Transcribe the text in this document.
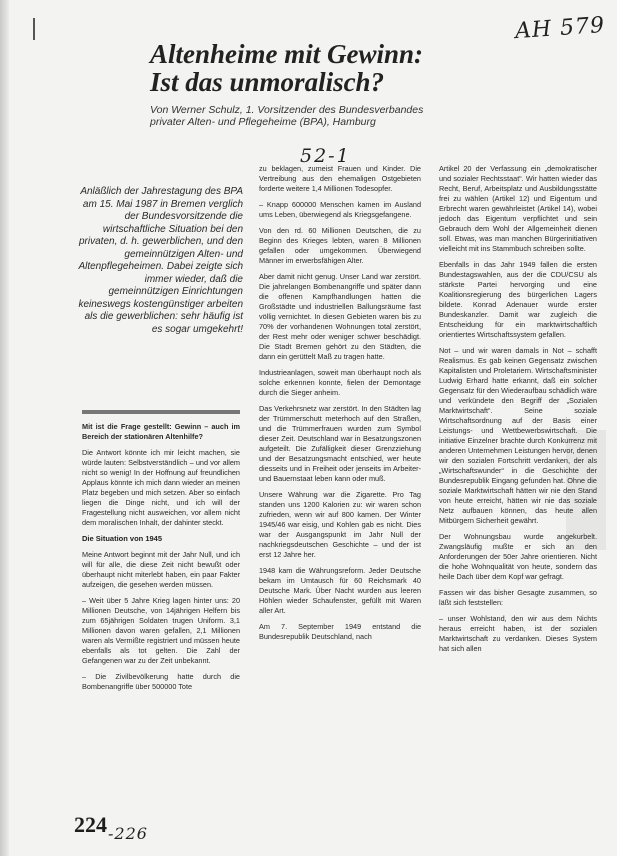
AH 579
Altenheime mit Gewinn:
Ist das unmoralisch?
Von Werner Schulz, 1. Vorsitzender des Bundesverbandes
privater Alten- und Pflegeheime (BPA), Hamburg
52-1
Anläßlich der Jahrestagung des BPA am 15. Mai 1987 in Bremen verglich der Bundesvorsitzende die wirtschaftliche Situation bei den privaten, d. h. gewerblichen, und den gemeinnützigen Alten- und Altenpflegeheimen. Dabei zeigte sich immer wieder, daß die gemeinnützigen Einrichtungen keineswegs kostengünstiger arbeiten als die gewerblichen: sehr häufig ist es sogar umgekehrt!

Mit ist die Frage gestellt: Gewinn – auch im Bereich der stationären Altenhilfe?

Die Antwort könnte ich mir leicht machen, sie würde lauten: Selbstverständlich – und vor allem nicht so wenig! In der Hoffnung auf freundlichen Applaus könnte ich mich dann wieder an meinen Platz begeben und mich setzen. Aber so einfach liegen die Dinge nicht, und ich will der Fragestellung nicht ausweichen, vor allem nicht dem moralischen Inhalt, der dahinter steckt.

Die Situation von 1945

Meine Antwort beginnt mit der Jahr Null, und ich will für alle, die diese Zeit nicht bewußt oder überhaupt nicht miterlebt haben, ein paar Fakter aufzeigen, die gesehen werden müssen.

– Weit über 5 Jahre Krieg lagen hinter uns: 20 Millionen Deutsche, von 14jährigen Helfern bis zum 65jährigen Soldaten trugen Uniform. 3,1 Millionen davon waren gefallen, 2,1 Millionen waren als Vermißte registriert und müssen heute ebenfalls als tot gelten. Die Zahl der Gefangenen war zu der Zeit unbekannt.

– Die Zivilbevölkerung hatte durch die Bombenangriffe über 500000 Tote

zu beklagen, zumeist Frauen und Kinder. Die Vertreibung aus den ehemaligen Ostgebieten forderte weitere 1,4 Millionen Todesopfer.

– Knapp 600000 Menschen kamen im Ausland ums Leben, überwiegend als Kriegsgefangene.

Von den rd. 60 Millionen Deutschen, die zu Beginn des Krieges lebten, waren 8 Millionen gefallen oder umgekommen. Überwiegend Männer im erwerbsfähigen Alter.

Aber damit nicht genug. Unser Land war zerstört. Die jahrelangen Bombenangriffe und später dann die offenen Kampfhandlungen hatten die Großstädte und industriellen Ballungsräume fast völlig vernichtet. In diesen Gebieten waren bis zu 70% der vorhandenen Wohnungen total zerstört, der Rest mehr oder weniger schwer beschädigt. Die Stadt Bremen gehört zu den Städten, die dann ein gerüttelt Maß zu tragen hatte.

Industrieanlagen, soweit man überhaupt noch als solche erkennen konnte, fielen der Demontage durch die Sieger anheim.

Das Verkehrsnetz war zerstört. In den Städten lag der Trümmerschutt meterhoch auf den Straßen, und die Trümmerfrauen wurden zum Symbol dieser Zeit. Deutschland war in Besatzungszonen aufgeteilt. Die Zufälligkeit dieser Grenzziehung und der Besatzungsmacht entschied, wer heute diesseits und in Freiheit oder jenseits im Arbeiter- und Bauernstaat leben kann oder muß.

Unsere Währung war die Zigarette. Pro Tag standen uns 1200 Kalorien zu: wir waren schon zufrieden, wenn wir auf 800 kamen. Der Winter 1945/46 war eisig, und Kohlen gab es nicht. Dies war der Ausgangspunkt im Jahr Null der nachkriegsdeutschen Geschichte – und der ist erst 12 Jahre her.

1948 kam die Währungsreform. Jeder Deutsche bekam im Umtausch für 60 Reichsmark 40 Deutsche Mark. Über Nacht wurden aus leeren Höhlen wieder Schaufenster, gefüllt mit Waren aller Art.

Am 7. September 1949 entstand die Bundesrepublik Deutschland, nach

Artikel 20 der Verfassung ein „demokratischer und sozialer Rechtsstaat“. Wir hatten wieder das Recht, Beruf, Arbeitsplatz und Ausbildungsstätte frei zu wählen (Artikel 12) und Eigentum und Erbrecht waren gewährleistet (Artikel 14), wobei jedoch das Eigentum verpflichtet und sein Gebrauch dem Wohl der Allgemeinheit dienen soll. Etwas, was man manchen Bürgerinitiativen vielleicht mit ins Stammbuch schreiben sollte.

Ebenfalls in das Jahr 1949 fallen die ersten Bundestagswahlen, aus der die CDU/CSU als stärkste Partei hervorging und eine Koalitionsregierung des bürgerlichen Lagers bildete. Konrad Adenauer wurde erster Bundeskanzler. Damit war zugleich die Entscheidung für ein marktwirtschaftlich orientiertes Wirtschaftssystem gefallen.

Not – und wir waren damals in Not – schafft Realismus. Es gab keinen Gegensatz zwischen Kapitalisten und Proletariern. Wirtschaftsminister Ludwig Erhard hatte erkannt, daß ein solcher Gegensatz für den Wiederaufbau schädlich wäre und verkündete den Begriff der „Sozialen Marktwirtschaft“. Seine soziale Wirtschaftsordnung auf der Basis einer Leistungs- und Wettbewerbswirtschaft. Die initiative Einzelner brachte durch Konkurrenz mit anderen Unternehmen Leistungen hervor, denen wir den sozialen Fortschritt verdanken, der als „Wirtschaftswunder“ in die Geschichte der Bundesrepublik Eingang gefunden hat. Ohne die soziale Marktwirtschaft hätten wir nie den Stand von heute erreicht, hätten wir nie das soziale Netz aufbauen können, das heute allen Mitbürgern Sicherheit gewährt.

Der Wohnungsbau wurde angekurbelt. Zwangsläufig mußte er sich an den Anforderungen der 50er Jahre orientieren. Nicht die hohe Wohnqualität von heute, sondern das heile Dach über dem Kopf war gefragt.

Fassen wir das bisher Gesagte zusammen, so läßt sich feststellen:

– unser Wohlstand, den wir aus dem Nichts heraus erreicht haben, ist der sozialen Marktwirtschaft zu verdanken. Dieses System hat sich allen

224 -226
